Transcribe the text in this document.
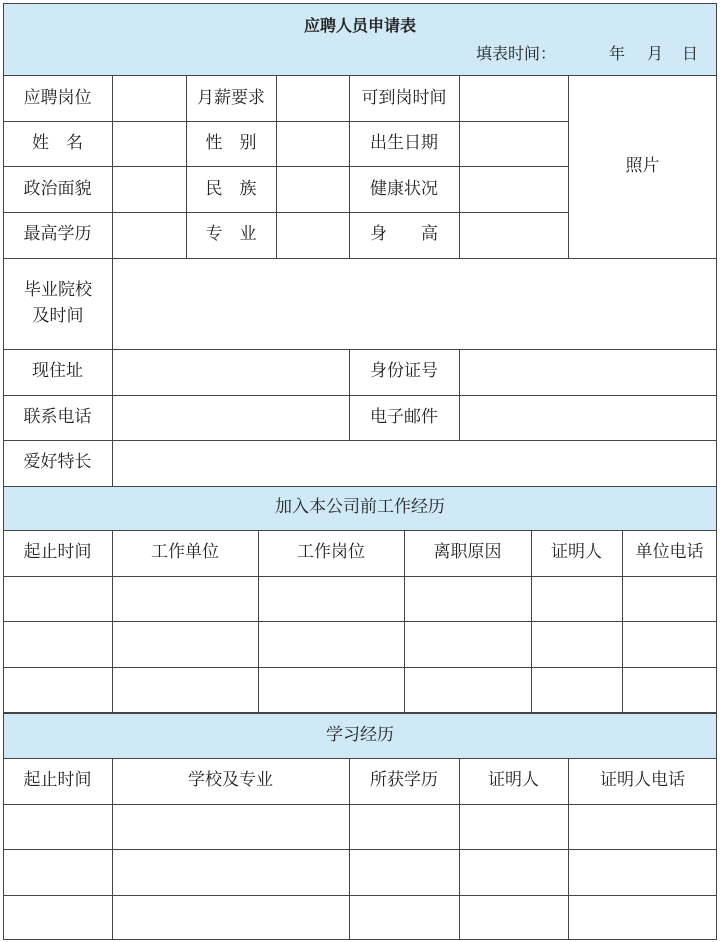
应聘人员申请表
填表时间：	年	月	日
应聘岗位	月薪要求	可到岗时间
姓　名	性　别	出生日期
政治面貌	民　族	健康状况
最高学历	专　业	身　　高
照片
毕业院校及时间
现住址	身份证号
联系电话	电子邮件
爱好特长
加入本公司前工作经历
起止时间	工作单位	工作岗位	离职原因	证明人	单位电话
学习经历
起止时间	学校及专业	所获学历	证明人	证明人电话
